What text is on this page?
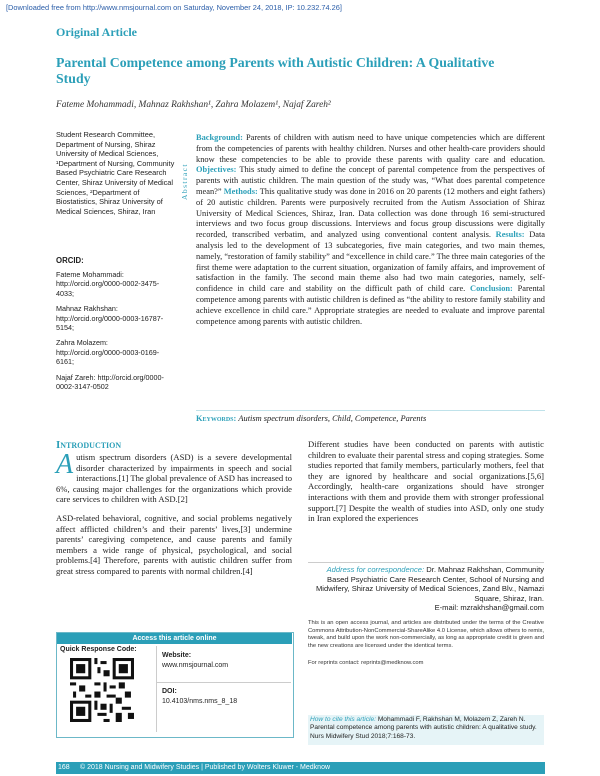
[Downloaded free from http://www.nmsjournal.com on Saturday, November 24, 2018, IP: 10.232.74.26]
Original Article
Parental Competence among Parents with Autistic Children: A Qualitative Study
Fateme Mohammadi, Mahnaz Rakhshan¹, Zahra Molazem¹, Najaf Zareh²

Student Research Committee, Department of Nursing, Shiraz University of Medical Sciences, ¹Department of Nursing, Community Based Psychiatric Care Research Center, Shiraz University of Medical Sciences, ²Department of Biostatistics, Shiraz University of Medical Sciences, Shiraz, Iran

ORCID:

Fateme Mohammadi: http://orcid.org/0000-0002-3475-4033;

Mahnaz Rakhshan: http://orcid.org/0000-0003-16787-5154;

Zahra Molazem: http://orcid.org/0000-0003-0169-6161;

Najaf Zareh: http://orcid.org/0000-0002-3147-0502

Abstract
Background: Parents of children with autism need to have unique competencies which are different from the competencies of parents with healthy children. Nurses and other health-care providers should know these competencies to be able to provide these parents with quality care and education. Objectives: This study aimed to define the concept of parental competence from the perspectives of parents with autistic children. The main question of the study was, “What does parental competence mean?” Methods: This qualitative study was done in 2016 on 20 parents (12 mothers and eight fathers) of 20 autistic children. Parents were purposively recruited from the Autism Association of Shiraz University of Medical Sciences, Shiraz, Iran. Data collection was done through 16 semi-structured interviews and two focus group discussions. Interviews and focus group discussions were digitally recorded, transcribed verbatim, and analyzed using conventional content analysis. Results: Data analysis led to the development of 13 subcategories, five main categories, and two main themes, namely, “restoration of family stability” and “excellence in child care.” The three main categories of the first theme were adaptation to the current situation, organization of family affairs, and improvement of satisfaction in the family. The second main theme also had two main categories, namely, self-confidence in child care and stability on the difficult path of child care. Conclusion: Parental competence among parents with autistic children is defined as “the ability to restore family stability and achieve excellence in child care.” Appropriate strategies are needed to evaluate and improve parental competence among parents with autistic children.
Keywords: Autism spectrum disorders, Child, Competence, Parents
Introduction

Autism spectrum disorders (ASD) is a severe developmental disorder characterized by impairments in speech and social interactions.[1] The global prevalence of ASD has increased to 6%, causing major challenges for the organizations which provide care services to children with ASD.[2]

ASD-related behavioral, cognitive, and social problems negatively affect afflicted children’s and their parents’ lives,[3] undermine parents’ caregiving competence, and cause parents and family members a wide range of physical, psychological, and social problems.[4] Therefore, parents with autistic children suffer from great stress compared to parents with normal children.[4]

Different studies have been conducted on parents with autistic children to evaluate their parental stress and coping strategies. Some studies reported that family members, particularly mothers, feel that they are ignored by healthcare and social organizations.[5,6] Accordingly, health-care organizations should have stronger interactions with them and provide them with stronger professional support.[7] Despite the wealth of studies into ASD, only one study in Iran explored the experiences
Address for correspondence: Dr. Mahnaz Rakhshan, Community Based Psychiatric Care Research Center, School of Nursing and Midwifery, Shiraz University of Medical Sciences, Zand Blv., Namazi Square, Shiraz, Iran.
E-mail: mzrakhshan@gmail.com
This is an open access journal, and articles are distributed under the terms of the Creative Commons Attribution-NonCommercial-ShareAlike 4.0 License, which allows others to remix, tweak, and build upon the work non-commercially, as long as appropriate credit is given and the new creations are licensed under the identical terms.
For reprints contact: reprints@medknow.com
Access this article online
Quick Response Code:
Website:
www.nmsjournal.com
DOI:
10.4103/nms.nms_8_18
How to cite this article: Mohammadi F, Rakhshan M, Molazem Z, Zareh N. Parental competence among parents with autistic children: A qualitative study. Nurs Midwifery Stud 2018;7:168-73.
168 © 2018 Nursing and Midwifery Studies | Published by Wolters Kluwer - Medknow
